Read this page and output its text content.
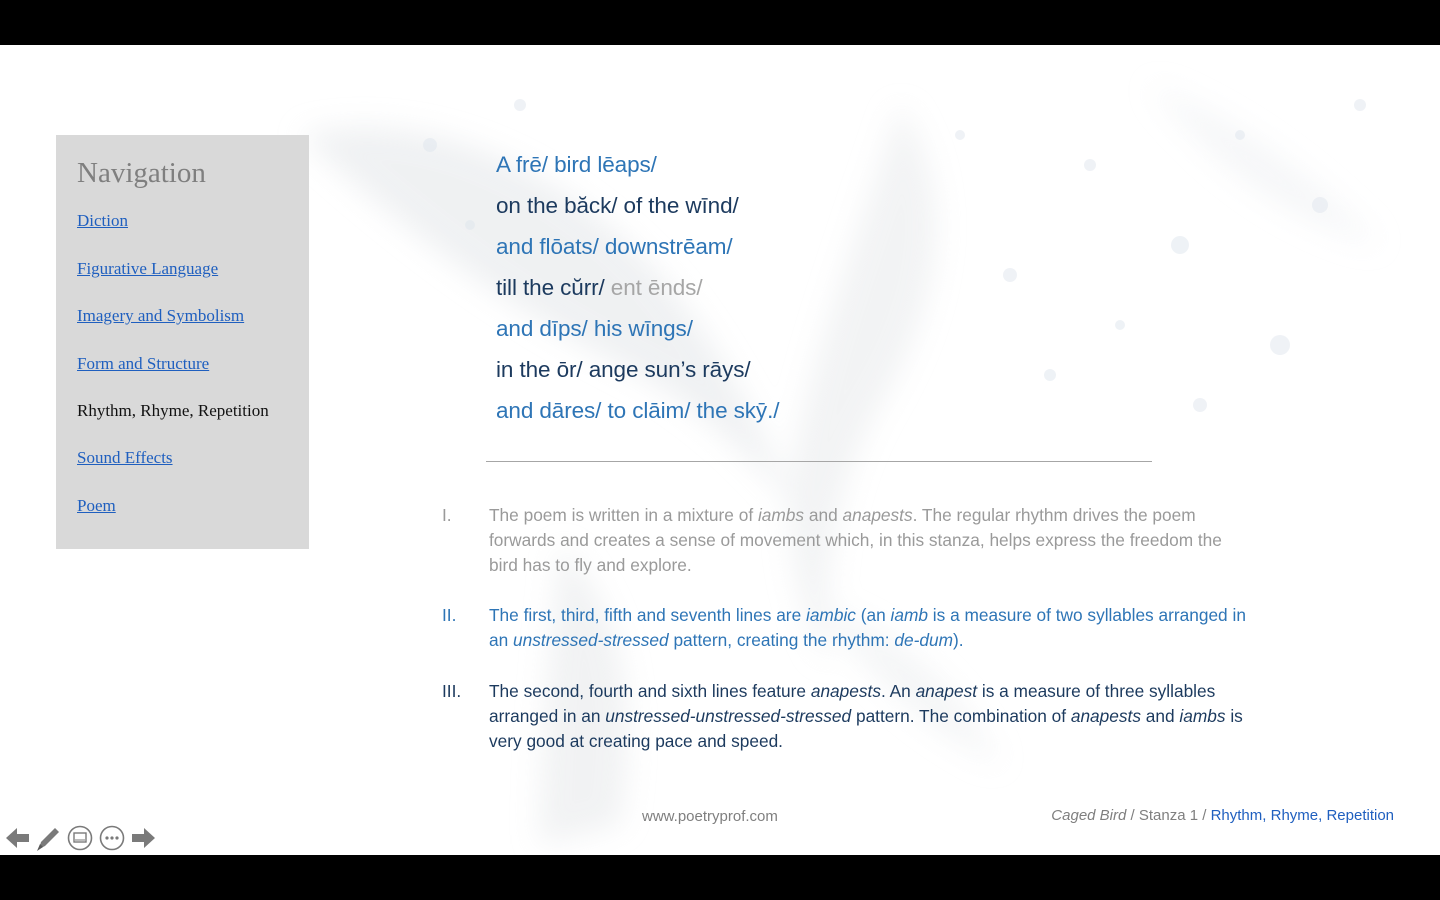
Navigation
Diction
Figurative Language
Imagery and Symbolism
Form and Structure
Rhythm, Rhyme, Repetition
Sound Effects
Poem
A frē/ bird lēaps/
on the băck/ of the wīnd/
and flōats/ downstrēam/
till the cŭrr/ ent ēnds/
and dīps/ his wīngs/
in the ōr/ ange sun’s rāys/
and dāres/ to clāim/ the skȳ./
I. The poem is written in a mixture of iambs and anapests. The regular rhythm drives the poem forwards and creates a sense of movement which, in this stanza, helps express the freedom the bird has to fly and explore.
II. The first, third, fifth and seventh lines are iambic (an iamb is a measure of two syllables arranged in an unstressed-stressed pattern, creating the rhythm: de-dum).
III. The second, fourth and sixth lines feature anapests. An anapest is a measure of three syllables arranged in an unstressed-unstressed-stressed pattern. The combination of anapests and iambs is very good at creating pace and speed.
www.poetryprof.com	Caged Bird / Stanza 1 / Rhythm, Rhyme, Repetition
